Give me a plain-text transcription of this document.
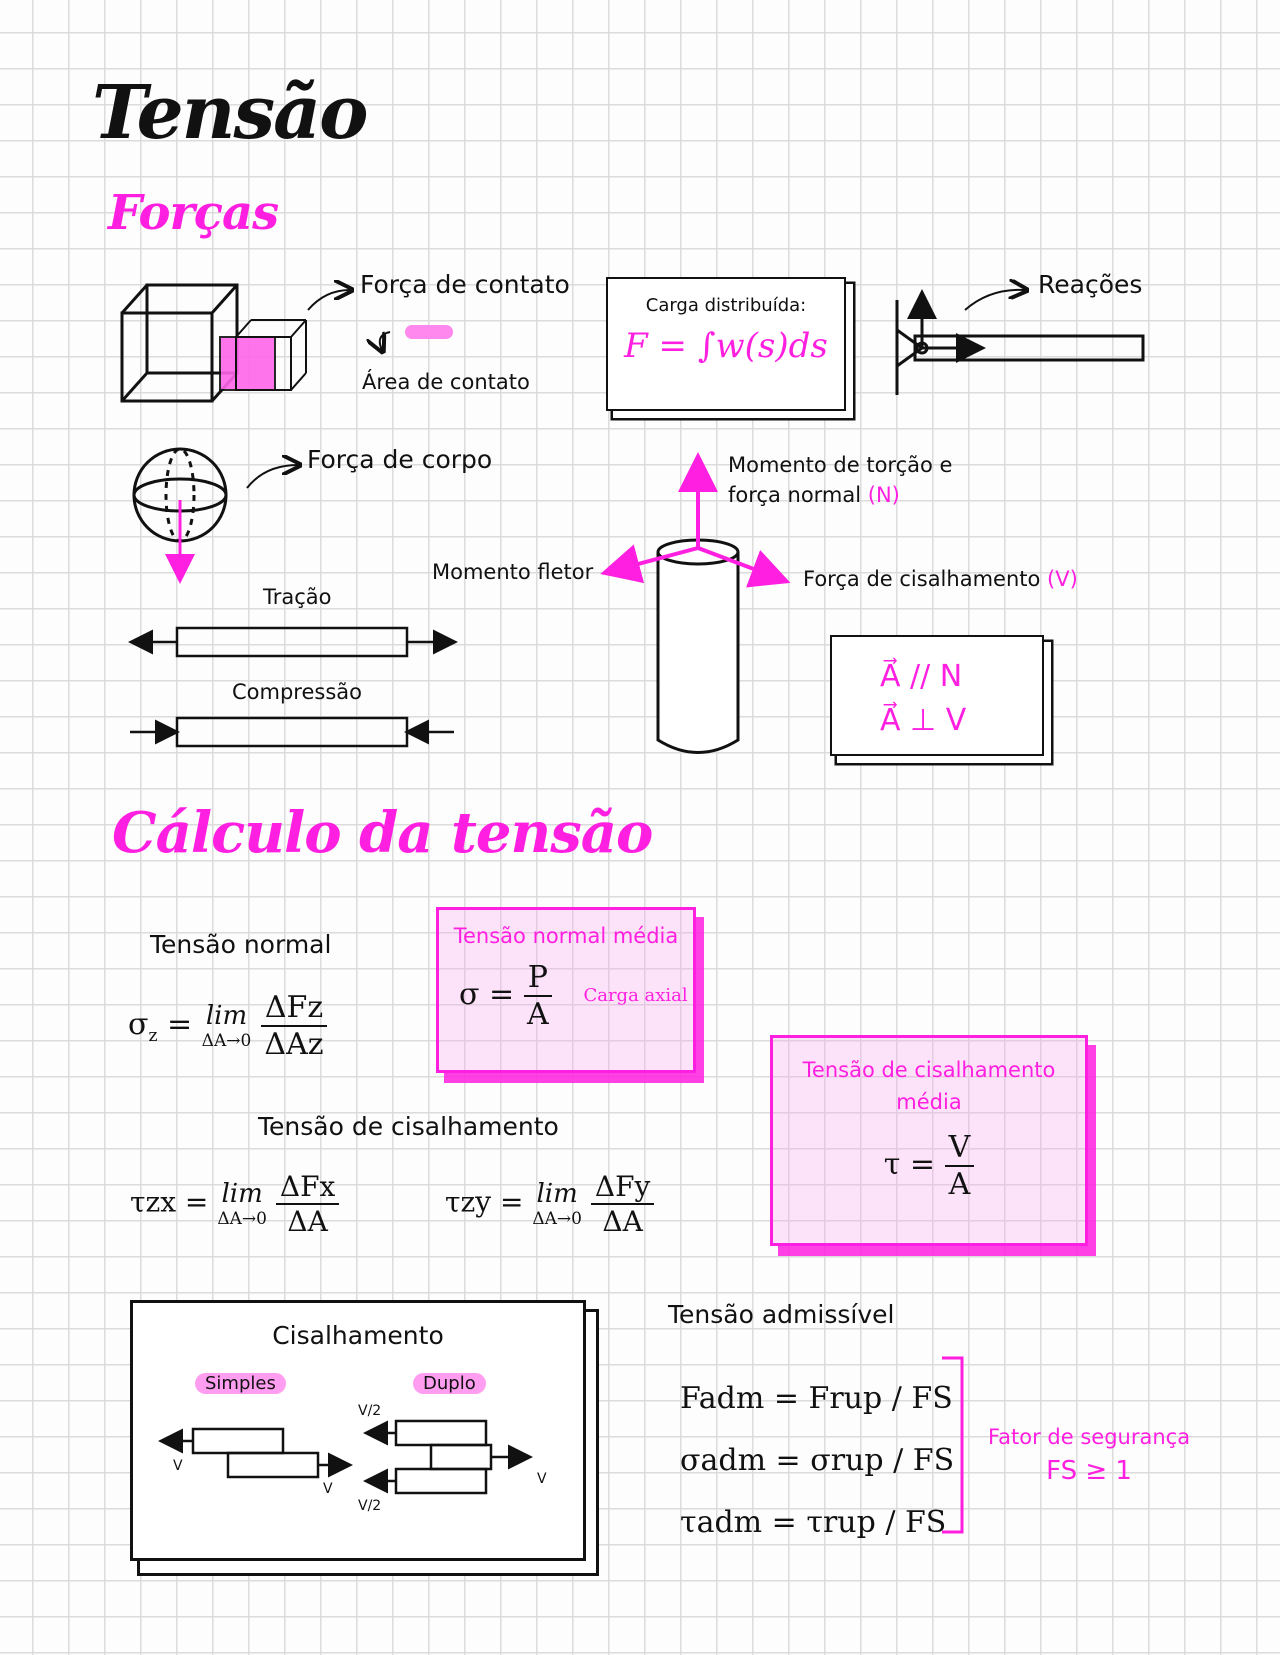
Tensão
Forças
Força de contato
Área de contato
Carga distribuída:
F = ∫w(s)ds
Reações
Força de corpo
Tração
Compressão
Momento de torção e
força normal (N)
Momento fletor	Força de cisalhamento (V)
A⃗ // N
A⃗ ⊥ V
Cálculo da tensão
Tensão normal
$\sigma_z = \lim$
ΔA→0
$\frac{\text{ΔFz}}{\text{ΔAz}}$
Tensão normal média
$\sigma = \frac{P}{A}$ Carga axial
Tensão de cisalhamento
τzx = lim
ΔA→0
$\frac{\text{ΔFx}}{\Delta A}$	τzy = lim
ΔA→0
$\frac{\text{ΔFy}}{\Delta A}$
Tensão de cisalhamento
média
$\tau = \frac{V}{A}$
Cisalhamento
Simples	Duplo
V
V
V/2
V/2
V
Tensão admissível
Fadm = Frup / FS
σadm = σrup / FS
τadm = τrup / FS
Fator de segurança
FS ≥ 1
